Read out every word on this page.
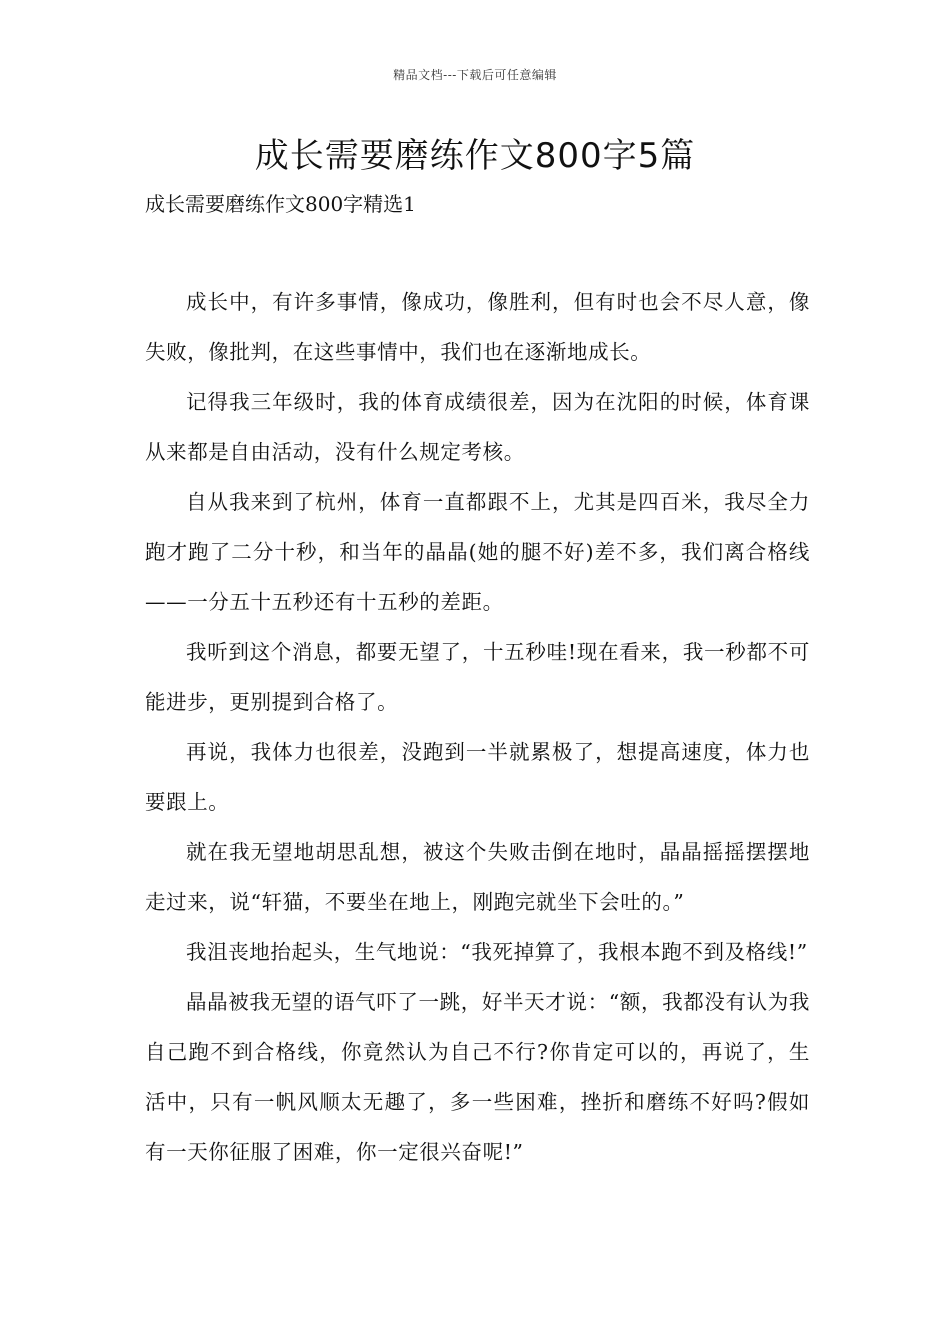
精品文档---下载后可任意编辑
成长需要磨练作文800字5篇

成长需要磨练作文800字精选1

成长中，有许多事情，像成功，像胜利，但有时也会不尽人意，像失败，像批判，在这些事情中，我们也在逐渐地成长。

记得我三年级时，我的体育成绩很差，因为在沈阳的时候，体育课从来都是自由活动，没有什么规定考核。

自从我来到了杭州，体育一直都跟不上，尤其是四百米，我尽全力跑才跑了二分十秒，和当年的晶晶(她的腿不好)差不多，我们离合格线——一分五十五秒还有十五秒的差距。

我听到这个消息，都要无望了，十五秒哇!现在看来，我一秒都不可能进步，更别提到合格了。

再说，我体力也很差，没跑到一半就累极了，想提高速度，体力也要跟上。

就在我无望地胡思乱想，被这个失败击倒在地时，晶晶摇摇摆摆地走过来，说“轩猫，不要坐在地上，刚跑完就坐下会吐的。”

我沮丧地抬起头，生气地说：“我死掉算了，我根本跑不到及格线!”

晶晶被我无望的语气吓了一跳，好半天才说：“额，我都没有认为我自己跑不到合格线，你竟然认为自己不行?你肯定可以的，再说了，生活中，只有一帆风顺太无趣了，多一些困难，挫折和磨练不好吗?假如有一天你征服了困难，你一定很兴奋呢!”
